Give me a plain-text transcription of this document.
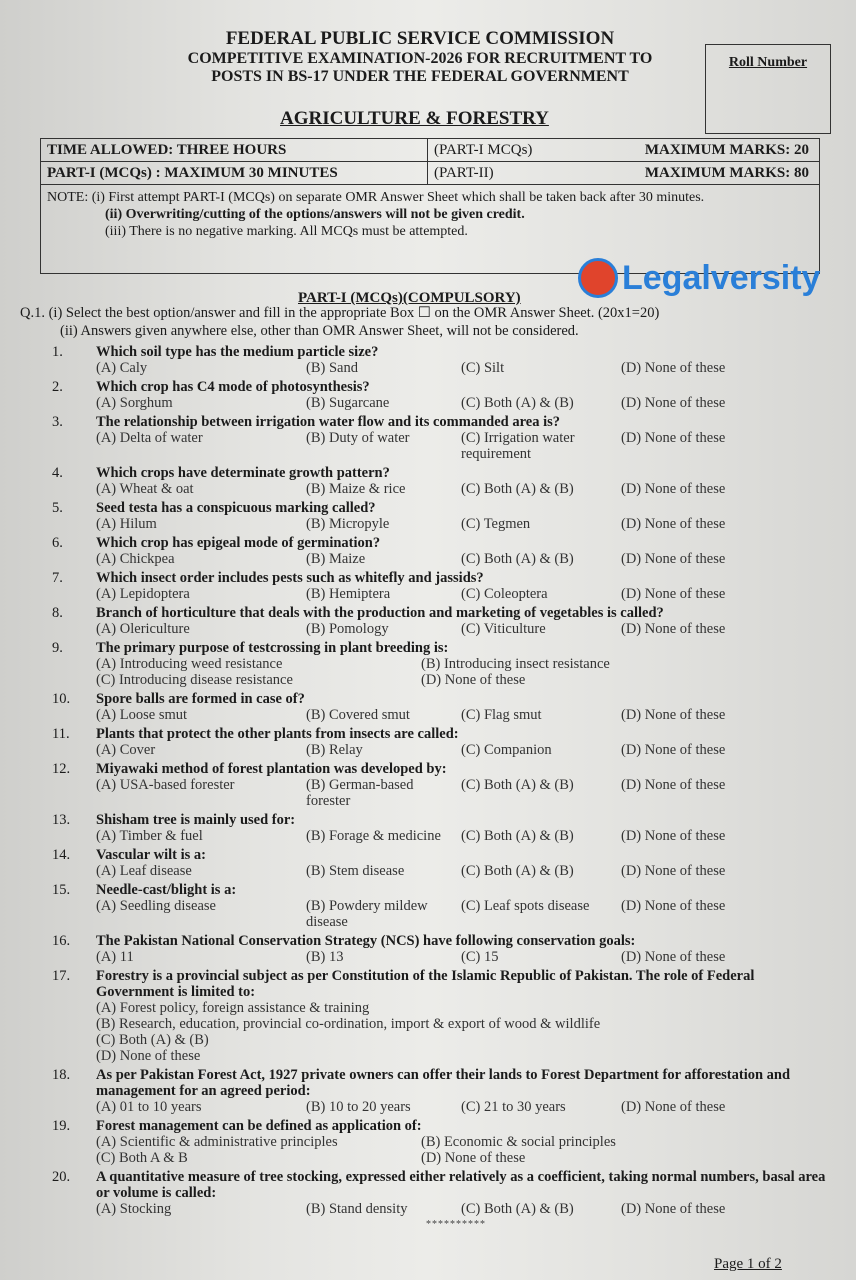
FEDERAL PUBLIC SERVICE COMMISSION
COMPETITIVE EXAMINATION-2026 FOR RECRUITMENT TO
POSTS IN BS-17 UNDER THE FEDERAL GOVERNMENT
AGRICULTURE & FORESTRY
Roll Number
TIME ALLOWED: THREE HOURS	(PART-I MCQs)	MAXIMUM MARKS: 20
PART-I (MCQs) : MAXIMUM 30 MINUTES	(PART-II)	MAXIMUM MARKS: 80
NOTE: (i) First attempt PART-I (MCQs) on separate OMR Answer Sheet which shall be taken back after 30 minutes.
(ii) Overwriting/cutting of the options/answers will not be given credit.
(iii) There is no negative marking. All MCQs must be attempted.
Legalversity
PART-I (MCQs)(COMPULSORY)
Q.1. (i) Select the best option/answer and fill in the appropriate Box ☐ on the OMR Answer Sheet. (20x1=20)
(ii) Answers given anywhere else, other than OMR Answer Sheet, will not be considered.
1.	Which soil type has the medium particle size?
(A) Caly	(B) Sand	(C) Silt	(D) None of these
2.	Which crop has C4 mode of photosynthesis?
(A) Sorghum	(B) Sugarcane	(C) Both (A) & (B)	(D) None of these
3.	The relationship between irrigation water flow and its commanded area is?
(A) Delta of water	(B) Duty of water	(C) Irrigation water requirement
(D) None of these
4.	Which crops have determinate growth pattern?
(A) Wheat & oat	(B) Maize & rice	(C) Both (A) & (B)	(D) None of these
5.	Seed testa has a conspicuous marking called?
(A) Hilum	(B) Micropyle	(C) Tegmen	(D) None of these
6.	Which crop has epigeal mode of germination?
(A) Chickpea	(B) Maize	(C) Both (A) & (B)	(D) None of these
7.	Which insect order includes pests such as whitefly and jassids?
(A) Lepidoptera	(B) Hemiptera	(C) Coleoptera	(D) None of these
8.	Branch of horticulture that deals with the production and marketing of vegetables is called?
(A) Olericulture	(B) Pomology	(C) Viticulture	(D) None of these
9.	The primary purpose of testcrossing in plant breeding is:
(A) Introducing weed resistance	(B) Introducing insect resistance
(C) Introducing disease resistance	(D) None of these
10.	Spore balls are formed in case of?
(A) Loose smut	(B) Covered smut	(C) Flag smut	(D) None of these
11.	Plants that protect the other plants from insects are called:
(A) Cover	(B) Relay	(C) Companion	(D) None of these
12.	Miyawaki method of forest plantation was developed by:
(A) USA-based forester	(B) German-based forester
(C) Both (A) & (B)	(D) None of these
13.	Shisham tree is mainly used for:
(A) Timber & fuel	(B) Forage & medicine	(C) Both (A) & (B)	(D) None of these
14.	Vascular wilt is a:
(A) Leaf disease	(B) Stem disease	(C) Both (A) & (B)	(D) None of these
15.	Needle-cast/blight is a:
(A) Seedling disease	(B) Powdery mildew disease
(C) Leaf spots disease	(D) None of these
16.	The Pakistan National Conservation Strategy (NCS) have following conservation goals:
(A) 11	(B) 13	(C) 15	(D) None of these
17.	Forestry is a provincial subject as per Constitution of the Islamic Republic of Pakistan. The role of Federal Government is limited to:
(A) Forest policy, foreign assistance & training
(B) Research, education, provincial co-ordination, import & export of wood & wildlife
(C) Both (A) & (B)
(D) None of these
18.	As per Pakistan Forest Act, 1927 private owners can offer their lands to Forest Department for afforestation and management for an agreed period:
(A) 01 to 10 years	(B) 10 to 20 years	(C) 21 to 30 years	(D) None of these
19.	Forest management can be defined as application of:
(A) Scientific & administrative principles	(B) Economic & social principles
(C) Both A & B	(D) None of these
20.	A quantitative measure of tree stocking, expressed either relatively as a coefficient, taking normal numbers, basal area or volume is called:
(A) Stocking	(B) Stand density	(C) Both (A) & (B)	(D) None of these
**********
Page 1 of 2
